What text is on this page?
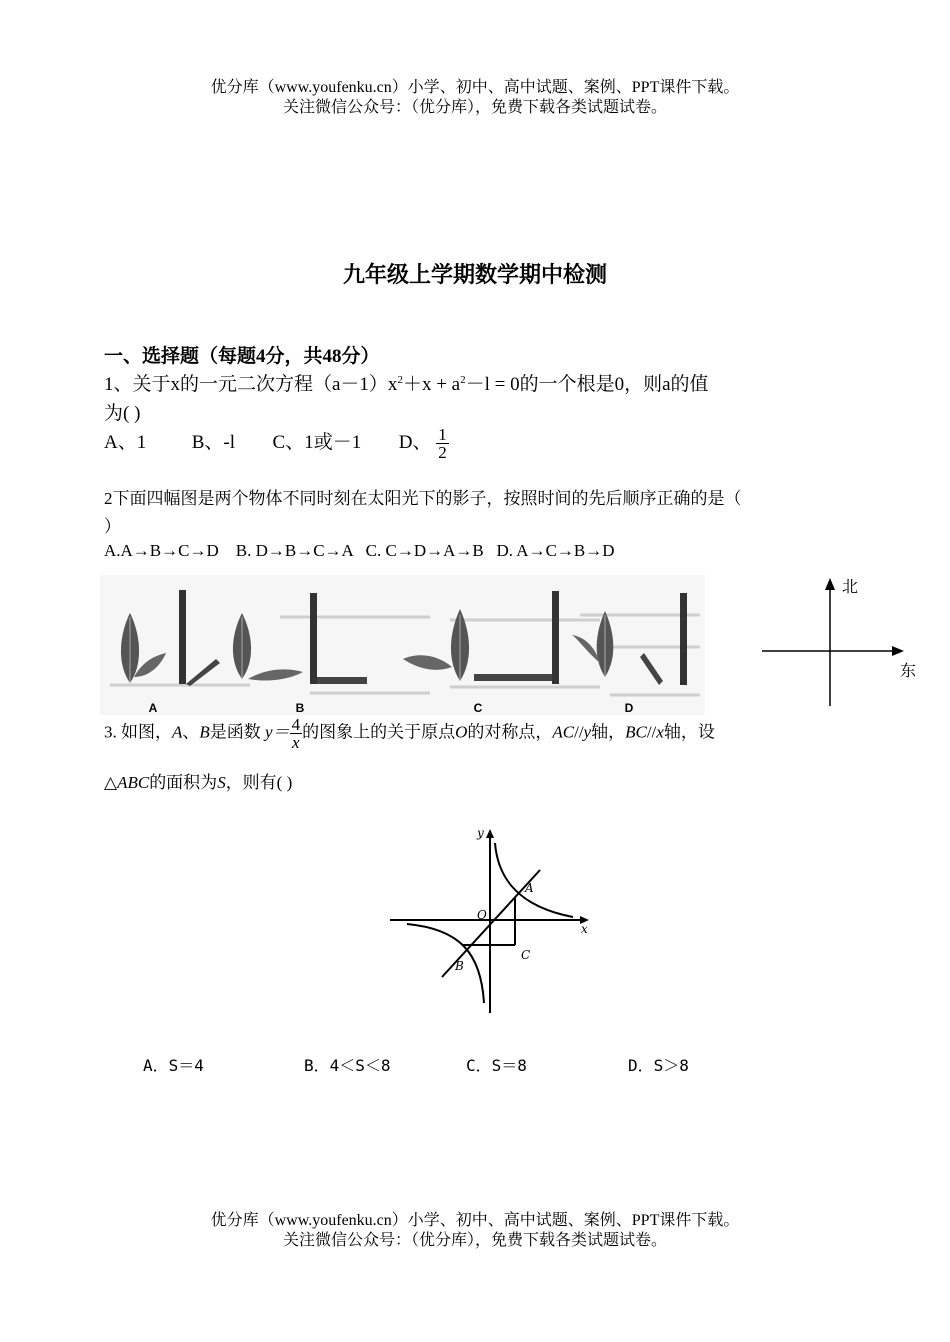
优分库（www.youfenku.cn）小学、初中、高中试题、案例、PPT课件下载。
关注微信公众号：（优分库），免费下载各类试题试卷。
九年级上学期数学期中检测
一、选择题（每题4分，共48分）
1、关于x的一元二次方程$(a-1)x^2+x + a^2-l = 0$的一个根是0，则a的值
为( )
A、1 B、-l C、1或－1 D、 $\frac{1}{2}$
2下面四幅图是两个物体不同时刻在太阳光下的影子，按照时间的先后顺序正确的是（
）
A.A→B→C→D    B. D→B→C→A   C. C→D→A→B   D. A→C→B→D
A	B	C	D
北
东
3. 如图，A、B是函数 $y= \frac{4}{x}$ 的图象上的关于原点O的对称点，AC//y轴，BC//x轴，设
△ABC的面积为S，则有( )
y
x
O
A
B
C
A．S＝4	B．4＜S＜8	C．S＝8	D．S＞8
优分库（www.youfenku.cn）小学、初中、高中试题、案例、PPT课件下载。
关注微信公众号：（优分库），免费下载各类试题试卷。
